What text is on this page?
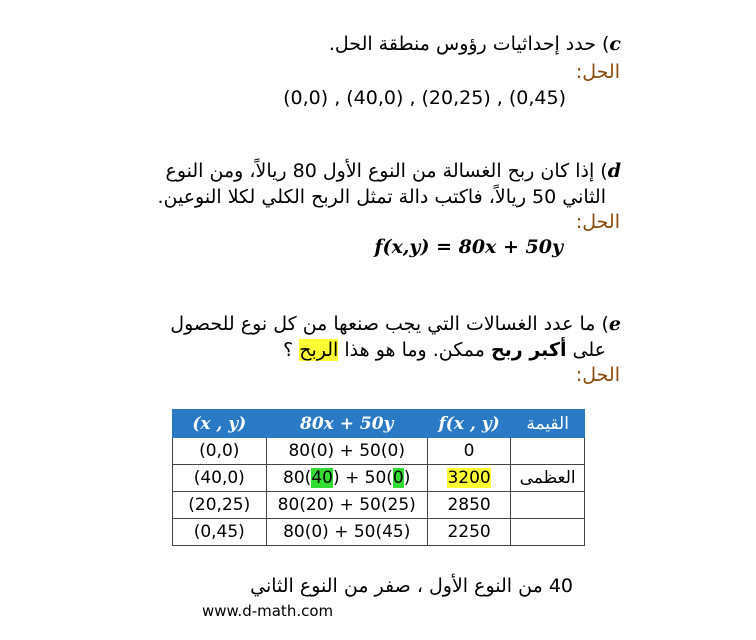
c) حدد إحداثيات رؤوس منطقة الحل.
الحل:
(0,0) , (40,0) , (20,25) , (0,45)
d) إذا كان ربح الغسالة من النوع الأول 80 ريالاً، ومن النوع
الثاني 50 ريالاً، فاكتب دالة تمثل الربح الكلي لكلا النوعين.
الحل:
f(x,y) = 80x + 50y
e) ما عدد الغسالات التي يجب صنعها من كل نوع للحصول
على أكبر ربح ممكن. وما هو هذا الربح ؟
الحل:
القيمة	f(x , y)	80x + 50y	(x , y)
	0	80(0) + 50(0)	(0,0)
العظمى	3200	80(40) + 50(0)	(40,0)
	2850	80(20) + 50(25)	(20,25)
	2250	80(0) + 50(45)	(0,45)
40 من النوع الأول ، صفر من النوع الثاني
www.d-math.com
